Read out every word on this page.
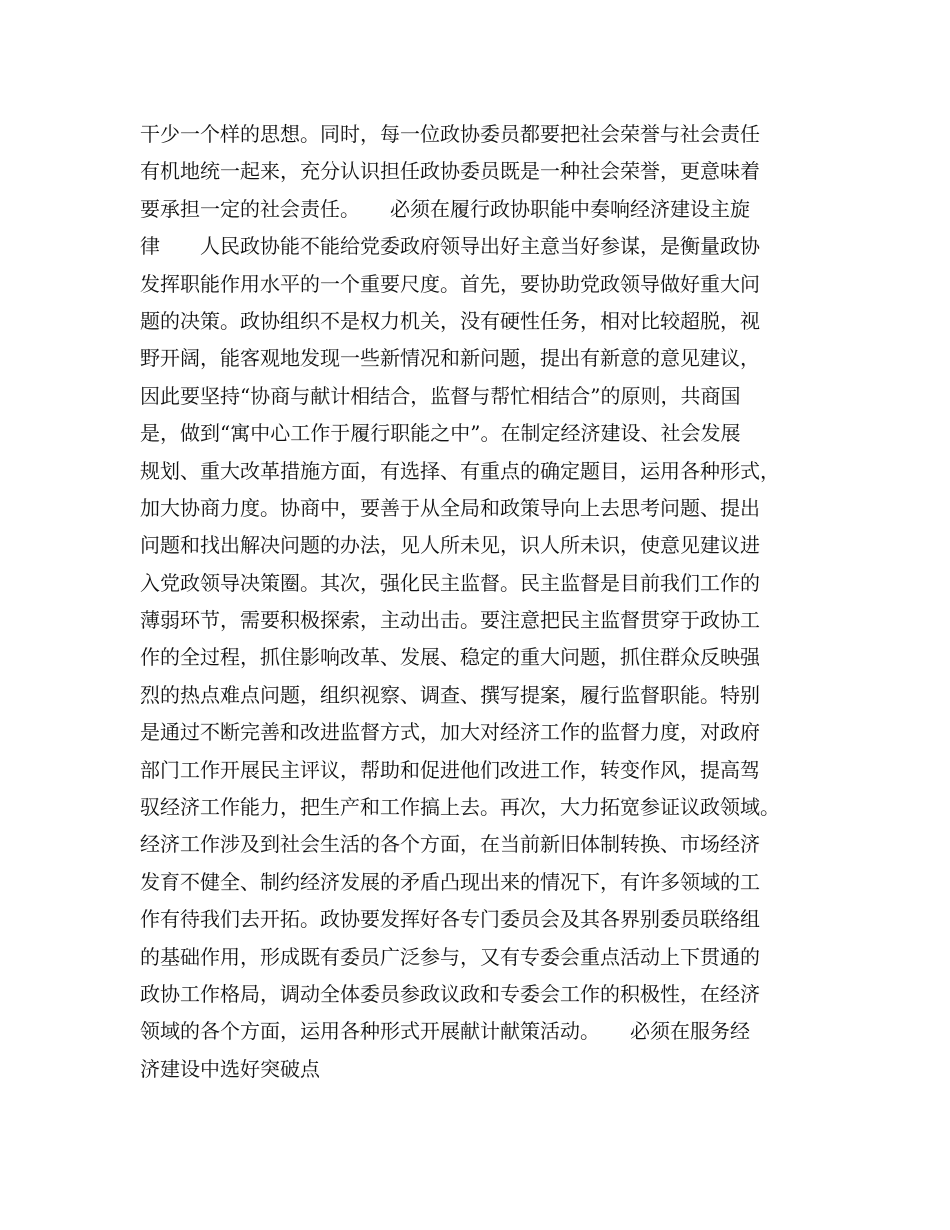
干少一个样的思想。同时，每一位政协委员都要把社会荣誉与社会责任
有机地统一起来，充分认识担任政协委员既是一种社会荣誉，更意味着
要承担一定的社会责任。　　必须在履行政协职能中奏响经济建设主旋
律　　人民政协能不能给党委政府领导出好主意当好参谋，是衡量政协
发挥职能作用水平的一个重要尺度。首先，要协助党政领导做好重大问
题的决策。政协组织不是权力机关，没有硬性任务，相对比较超脱，视
野开阔，能客观地发现一些新情况和新问题，提出有新意的意见建议，
因此要坚持“协商与献计相结合，监督与帮忙相结合”的原则，共商国
是，做到“寓中心工作于履行职能之中”。在制定经济建设、社会发展
规划、重大改革措施方面，有选择、有重点的确定题目，运用各种形式，
加大协商力度。协商中，要善于从全局和政策导向上去思考问题、提出
问题和找出解决问题的办法，见人所未见，识人所未识，使意见建议进
入党政领导决策圈。其次，强化民主监督。民主监督是目前我们工作的
薄弱环节，需要积极探索，主动出击。要注意把民主监督贯穿于政协工
作的全过程，抓住影响改革、发展、稳定的重大问题，抓住群众反映强
烈的热点难点问题，组织视察、调查、撰写提案，履行监督职能。特别
是通过不断完善和改进监督方式，加大对经济工作的监督力度，对政府
部门工作开展民主评议，帮助和促进他们改进工作，转变作风，提高驾
驭经济工作能力，把生产和工作搞上去。再次，大力拓宽参证议政领域。
经济工作涉及到社会生活的各个方面，在当前新旧体制转换、市场经济
发育不健全、制约经济发展的矛盾凸现出来的情况下，有许多领域的工
作有待我们去开拓。政协要发挥好各专门委员会及其各界别委员联络组
的基础作用，形成既有委员广泛参与，又有专委会重点活动上下贯通的
政协工作格局，调动全体委员参政议政和专委会工作的积极性，在经济
领域的各个方面，运用各种形式开展献计献策活动。　　必须在服务经
济建设中选好突破点
